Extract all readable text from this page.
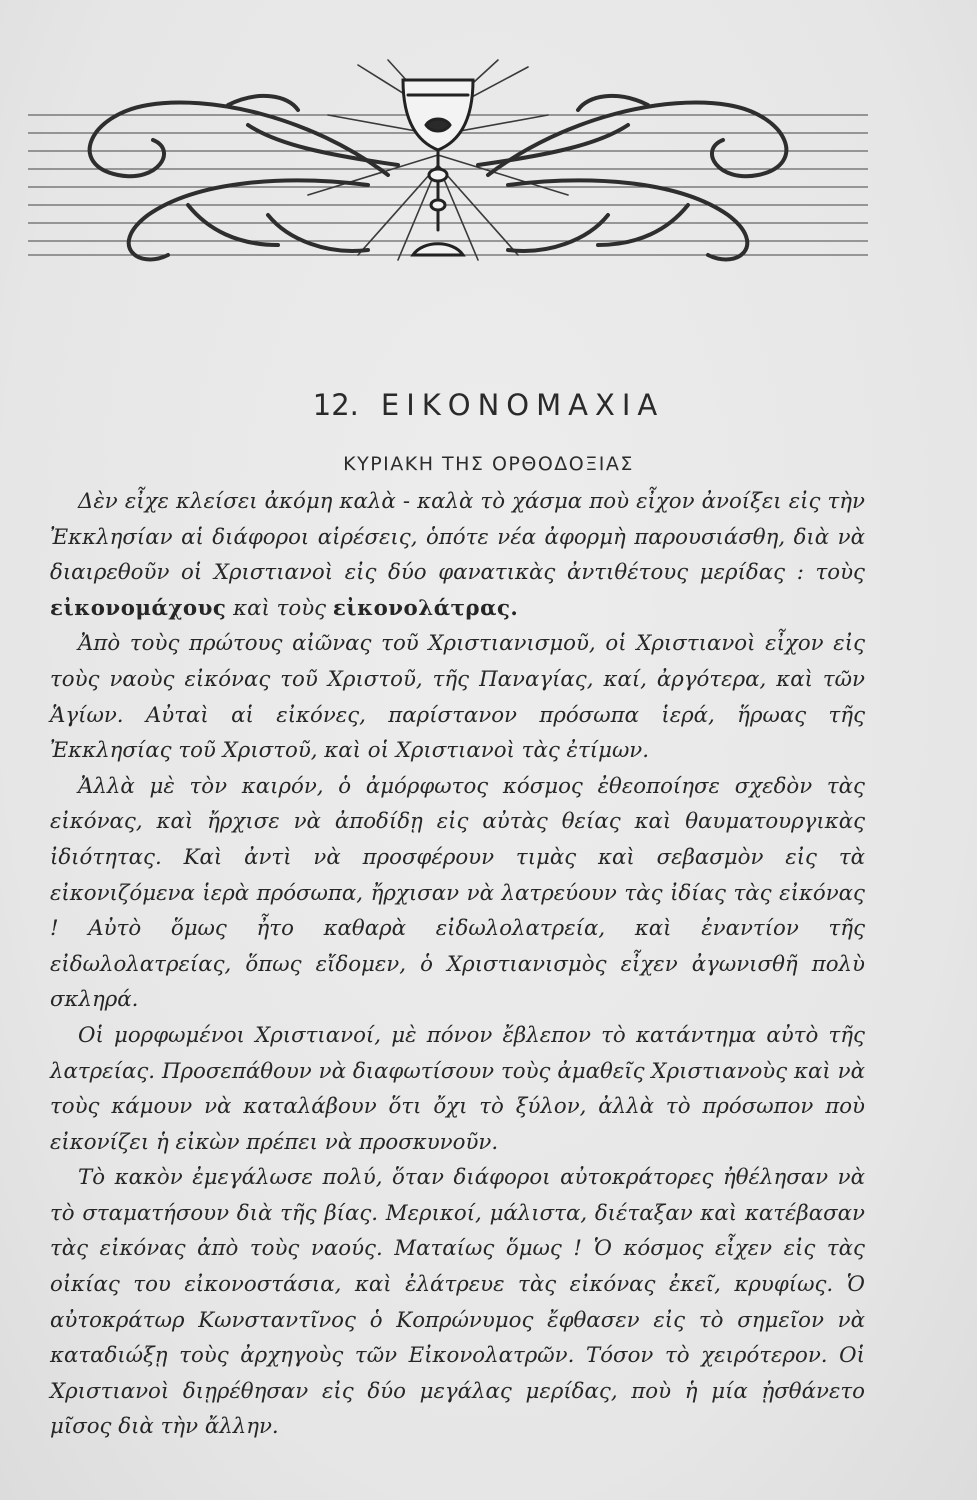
12. ΕΙΚΟΝΟΜΑΧΙΑ
ΚΥΡΙΑΚΗ ΤΗΣ ΟΡΘΟΔΟΞΙΑΣ

Δὲν εἶχε κλείσει ἀκόμη καλὰ - καλὰ τὸ χάσμα ποὺ εἶχον ἀνοίξει εἰς τὴν Ἐκκλησίαν αἱ διάφοροι αἱρέσεις, ὁπότε νέα ἀφορμὴ παρουσιάσθη, διὰ νὰ διαιρεθοῦν οἱ Χριστιανοὶ εἰς δύο φανατικὰς ἀντιθέτους μερίδας : τοὺς εἰκονομάχους καὶ τοὺς εἰκονολάτρας.

Ἀπὸ τοὺς πρώτους αἰῶνας τοῦ Χριστιανισμοῦ, οἱ Χριστιανοὶ εἶχον εἰς τοὺς ναοὺς εἰκόνας τοῦ Χριστοῦ, τῆς Παναγίας, καί, ἀργότερα, καὶ τῶν Ἁγίων. Αὐταὶ αἱ εἰκόνες, παρίστανον πρόσωπα ἱερά, ἥρωας τῆς Ἐκκλησίας τοῦ Χριστοῦ, καὶ οἱ Χριστιανοὶ τὰς ἐτίμων.

Ἀλλὰ μὲ τὸν καιρόν, ὁ ἀμόρφωτος κόσμος ἐθεοποίησε σχεδὸν τὰς εἰκόνας, καὶ ἤρχισε νὰ ἀποδίδῃ εἰς αὐτὰς θείας καὶ θαυματουργικὰς ἰδιότητας. Καὶ ἀντὶ νὰ προσφέρουν τιμὰς καὶ σεβασμὸν εἰς τὰ εἰκονιζόμενα ἱερὰ πρόσωπα, ἤρχισαν νὰ λατρεύουν τὰς ἰδίας τὰς εἰκόνας ! Αὐτὸ ὅμως ἦτο καθαρὰ εἰδωλολατρεία, καὶ ἐναντίον τῆς εἰδωλολατρείας, ὅπως εἴδομεν, ὁ Χριστιανισμὸς εἶχεν ἀγωνισθῆ πολὺ σκληρά.

Οἱ μορφωμένοι Χριστιανοί, μὲ πόνον ἔβλεπον τὸ κατάντημα αὐτὸ τῆς λατρείας. Προσεπάθουν νὰ διαφωτίσουν τοὺς ἀμαθεῖς Χριστιανοὺς καὶ νὰ τοὺς κάμουν νὰ καταλάβουν ὅτι ὄχι τὸ ξύλον, ἀλλὰ τὸ πρόσωπον ποὺ εἰκονίζει ἡ εἰκὼν πρέπει νὰ προσκυνοῦν.

Τὸ κακὸν ἐμεγάλωσε πολύ, ὅταν διάφοροι αὐτοκράτορες ἠθέλησαν νὰ τὸ σταματήσουν διὰ τῆς βίας. Μερικοί, μάλιστα, διέταξαν καὶ κατέβασαν τὰς εἰκόνας ἀπὸ τοὺς ναούς. Ματαίως ὅμως ! Ὁ κόσμος εἶχεν εἰς τὰς οἰκίας του εἰκονοστάσια, καὶ ἐλάτρευε τὰς εἰκόνας ἐκεῖ, κρυφίως. Ὁ αὐτοκράτωρ Κωνσταντῖνος ὁ Κοπρώνυμος ἔφθασεν εἰς τὸ σημεῖον νὰ καταδιώξῃ τοὺς ἀρχηγοὺς τῶν Εἰκονολατρῶν. Τόσον τὸ χειρότερον. Οἱ Χριστιανοὶ διῃρέθησαν εἰς δύο μεγάλας μερίδας, ποὺ ἡ μία ᾐσθάνετο μῖσος διὰ τὴν ἄλλην.
